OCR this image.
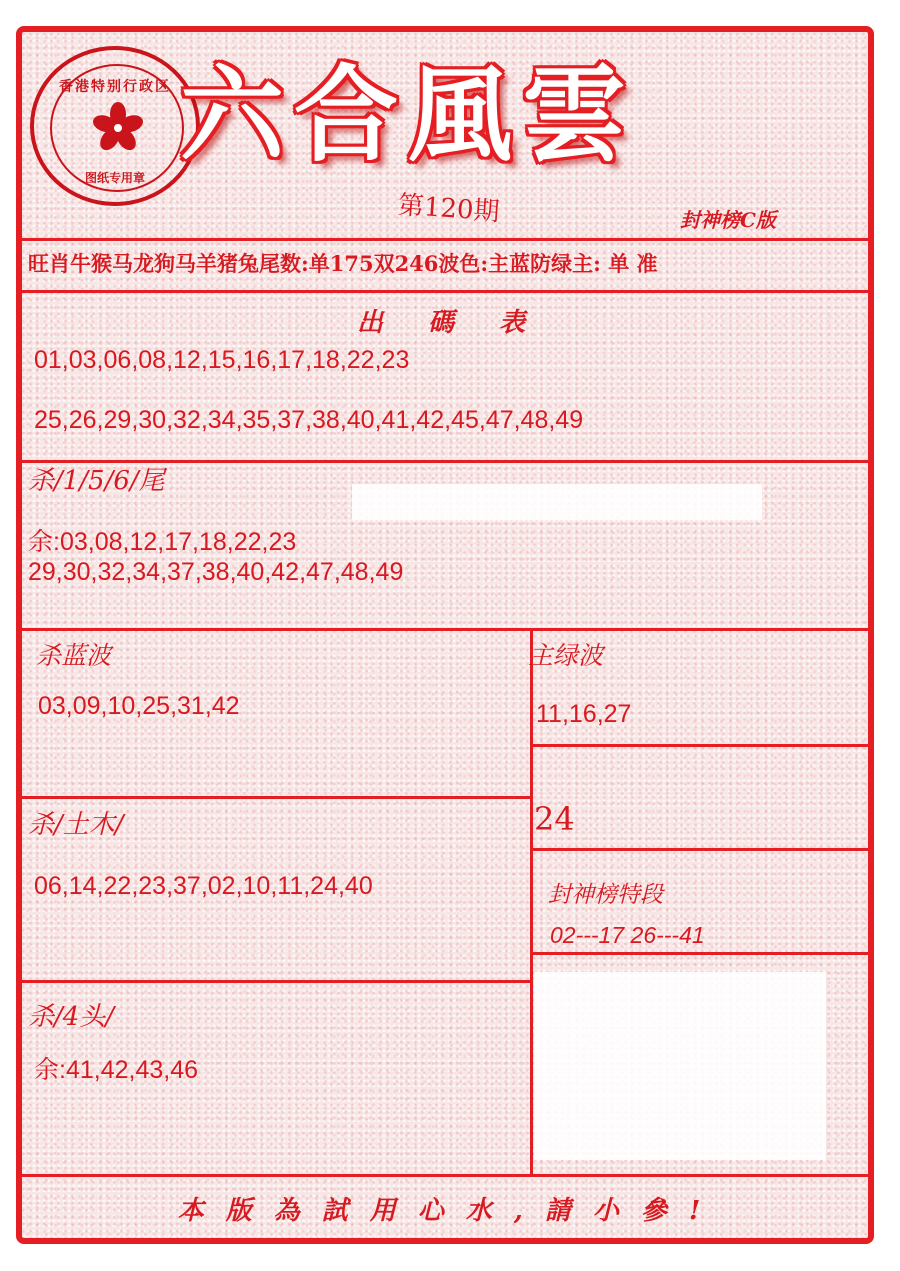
香港特别行政区
图纸专用章
六合風雲
第120期	封神榜C版
旺肖牛猴马龙狗马羊猪兔尾数:单175双246波色:主蓝防绿主: 单 准
出 碼 表
01,03,06,08,12,15,16,17,18,22,23
25,26,29,30,32,34,35,37,38,40,41,42,45,47,48,49
杀/1/5/6/尾
余:03,08,12,17,18,22,23
29,30,32,34,37,38,40,42,47,48,49
杀蓝波
03,09,10,25,31,42
主绿波
11,16,27
24
杀/土木/
06,14,22,23,37,02,10,11,24,40	封神榜特段
02---17 26---41
杀/4头/
余:41,42,43,46
本版為試用心水,請小參!
